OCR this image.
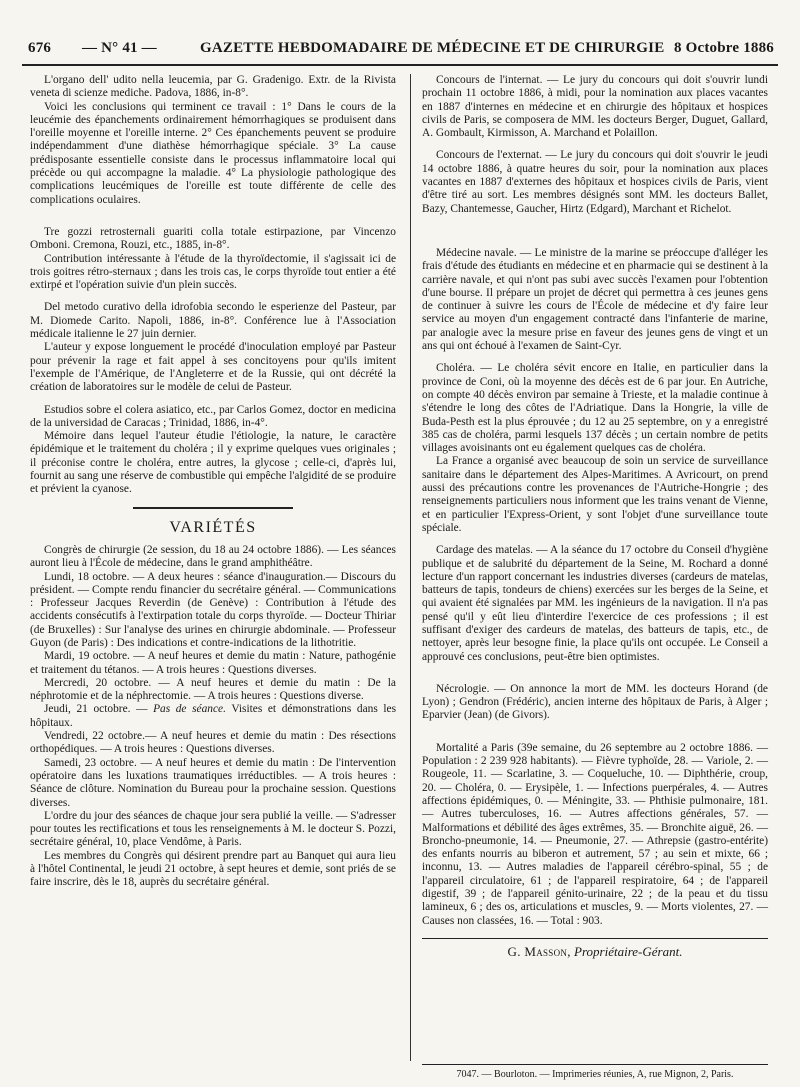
676 — N° 41 —	GAZETTE HEBDOMADAIRE DE MÉDECINE ET DE CHIRURGIE 8 Octobre 1886

L'organo dell' udito nella leucemia, par G. Gradenigo. Extr. de la Rivista veneta di scienze mediche. Padova, 1886, in-8°.

Voici les conclusions qui terminent ce travail : 1° Dans le cours de la leucémie des épanchements ordinairement hémorrhagiques se produisent dans l'oreille moyenne et l'oreille interne. 2° Ces épanchements peuvent se produire indépendamment d'une diathèse hémorrhagique spéciale. 3° La cause prédisposante essentielle consiste dans le processus inflammatoire local qui précède ou qui accompagne la maladie. 4° La physiologie pathologique des complications leucémiques de l'oreille est toute différente de celle des complications oculaires.

Tre gozzi retrosternali guariti colla totale estirpazione, par Vincenzo Omboni. Cremona, Rouzi, etc., 1885, in-8°.

Contribution intéressante à l'étude de la thyroïdectomie, il s'agissait ici de trois goitres rétro-sternaux ; dans les trois cas, le corps thyroïde tout entier a été extirpé et l'opération suivie d'un plein succès.

Del metodo curativo della idrofobia secondo le esperienze del Pasteur, par M. Diomede Carito. Napoli, 1886, in-8°. Conférence lue à l'Association médicale italienne le 27 juin dernier.

L'auteur y expose longuement le procédé d'inoculation employé par Pasteur pour prévenir la rage et fait appel à ses concitoyens pour qu'ils imitent l'exemple de l'Amérique, de l'Angleterre et de la Russie, qui ont décrété la création de laboratoires sur le modèle de celui de Pasteur.

Estudios sobre el colera asiatico, etc., par Carlos Gomez, doctor en medicina de la universidad de Caracas ; Trinidad, 1886, in-4°.

Mémoire dans lequel l'auteur étudie l'étiologie, la nature, le caractère épidémique et le traitement du choléra ; il y exprime quelques vues originales ; il préconise contre le choléra, entre autres, la glycose ; celle-ci, d'après lui, fournit au sang une réserve de combustible qui empêche l'algidité de se produire et prévient la cyanose.

VARIÉTÉS

Congrès de chirurgie (2e session, du 18 au 24 octobre 1886). — Les séances auront lieu à l'École de médecine, dans le grand amphithéâtre.

Lundi, 18 octobre. — A deux heures : séance d'inauguration.— Discours du président. — Compte rendu financier du secrétaire général. — Communications : Professeur Jacques Reverdin (de Genève) : Contribution à l'étude des accidents consécutifs à l'extirpation totale du corps thyroïde. — Docteur Thiriar (de Bruxelles) : Sur l'analyse des urines en chirurgie abdominale. — Professeur Guyon (de Paris) : Des indications et contre-indications de la lithotritie.

Mardi, 19 octobre. — A neuf heures et demie du matin : Nature, pathogénie et traitement du tétanos. — A trois heures : Questions diverses.

Mercredi, 20 octobre. — A neuf heures et demie du matin : De la néphrotomie et de la néphrectomie. — A trois heures : Questions diverse.

Jeudi, 21 octobre. — Pas de séance. Visites et démonstrations dans les hôpitaux.

Vendredi, 22 octobre.— A neuf heures et demie du matin : Des résections orthopédiques. — A trois heures : Questions diverses.

Samedi, 23 octobre. — A neuf heures et demie du matin : De l'intervention opératoire dans les luxations traumatiques irréductibles. — A trois heures : Séance de clôture. Nomination du Bureau pour la prochaine session. Questions diverses.

L'ordre du jour des séances de chaque jour sera publié la veille. — S'adresser pour toutes les rectifications et tous les renseignements à M. le docteur S. Pozzi, secrétaire général, 10, place Vendôme, à Paris.

Les membres du Congrès qui désirent prendre part au Banquet qui aura lieu à l'hôtel Continental, le jeudi 21 octobre, à sept heures et demie, sont priés de se faire inscrire, dès le 18, auprès du secrétaire général.

Concours de l'internat. — Le jury du concours qui doit s'ouvrir lundi prochain 11 octobre 1886, à midi, pour la nomination aux places vacantes en 1887 d'internes en médecine et en chirurgie des hôpitaux et hospices civils de Paris, se composera de MM. les docteurs Berger, Duguet, Gallard, A. Gombault, Kirmisson, A. Marchand et Polaillon.

Concours de l'externat. — Le jury du concours qui doit s'ouvrir le jeudi 14 octobre 1886, à quatre heures du soir, pour la nomination aux places vacantes en 1887 d'externes des hôpitaux et hospices civils de Paris, vient d'être tiré au sort. Les membres désignés sont MM. les docteurs Ballet, Bazy, Chantemesse, Gaucher, Hirtz (Edgard), Marchant et Richelot.

Médecine navale. — Le ministre de la marine se préoccupe d'alléger les frais d'étude des étudiants en médecine et en pharmacie qui se destinent à la carrière navale, et qui n'ont pas subi avec succès l'examen pour l'obtention d'une bourse. Il prépare un projet de décret qui permettra à ces jeunes gens de continuer à suivre les cours de l'École de médecine et d'y faire leur service au moyen d'un engagement contracté dans l'infanterie de marine, par analogie avec la mesure prise en faveur des jeunes gens de vingt et un ans qui ont échoué à l'examen de Saint-Cyr.

Choléra. — Le choléra sévit encore en Italie, en particulier dans la province de Coni, où la moyenne des décès est de 6 par jour. En Autriche, on compte 40 décès environ par semaine à Trieste, et la maladie continue à s'étendre le long des côtes de l'Adriatique. Dans la Hongrie, la ville de Buda-Pesth est la plus éprouvée ; du 12 au 25 septembre, on y a enregistré 385 cas de choléra, parmi lesquels 137 décès ; un certain nombre de petits villages avoisinants ont eu également quelques cas de choléra.

La France a organisé avec beaucoup de soin un service de surveillance sanitaire dans le département des Alpes-Maritimes. A Avricourt, on prend aussi des précautions contre les provenances de l'Autriche-Hongrie ; des renseignements particuliers nous informent que les trains venant de Vienne, et en particulier l'Express-Orient, y sont l'objet d'une surveillance toute spéciale.

Cardage des matelas. — A la séance du 17 octobre du Conseil d'hygiène publique et de salubrité du département de la Seine, M. Rochard a donné lecture d'un rapport concernant les industries diverses (cardeurs de matelas, batteurs de tapis, tondeurs de chiens) exercées sur les berges de la Seine, et qui avaient été signalées par MM. les ingénieurs de la navigation. Il n'a pas pensé qu'il y eût lieu d'interdire l'exercice de ces professions ; il est suffisant d'exiger des cardeurs de matelas, des batteurs de tapis, etc., de nettoyer, après leur besogne finie, la place qu'ils ont occupée. Le Conseil a approuvé ces conclusions, peut-être bien optimistes.

Nécrologie. — On annonce la mort de MM. les docteurs Horand (de Lyon) ; Gendron (Frédéric), ancien interne des hôpitaux de Paris, à Alger ; Eparvier (Jean) (de Givors).

Mortalité a Paris (39e semaine, du 26 septembre au 2 octobre 1886. — Population : 2 239 928 habitants). — Fièvre typhoïde, 28. — Variole, 2. — Rougeole, 11. — Scarlatine, 3. — Coqueluche, 10. — Diphthérie, croup, 20. — Choléra, 0. — Erysipèle, 1. — Infections puerpérales, 4. — Autres affections épidémiques, 0. — Méningite, 33. — Phthisie pulmonaire, 181. — Autres tuberculoses, 16. — Autres affections générales, 57. — Malformations et débilité des âges extrêmes, 35. — Bronchite aiguë, 26. — Broncho-pneumonie, 14. — Pneumonie, 27. — Athrepsie (gastro-entérite) des enfants nourris au biberon et autrement, 57 ; au sein et mixte, 66 ; inconnu, 13. — Autres maladies de l'appareil cérébro-spinal, 55 ; de l'appareil circulatoire, 61 ; de l'appareil respiratoire, 64 ; de l'appareil digestif, 39 ; de l'appareil génito-urinaire, 22 ; de la peau et du tissu lamineux, 6 ; des os, articulations et muscles, 9. — Morts violentes, 27. — Causes non classées, 16. — Total : 903.

G. Masson, Propriétaire-Gérant.
7047. — Bourloton. — Imprimeries réunies, A, rue Mignon, 2, Paris.
